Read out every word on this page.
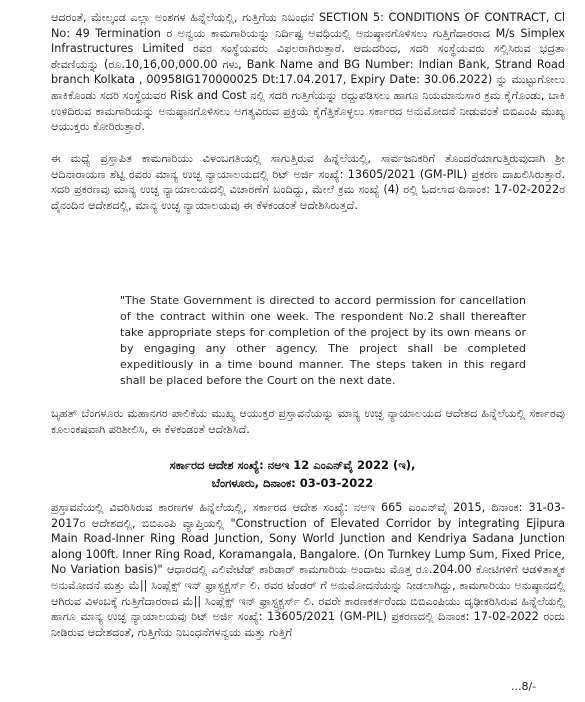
ಆದರಂತೆ, ಮೇಲ್ಕಂಡ ಎಲ್ಲಾ ಅಂಶಗಳ ಹಿನ್ನೆಲೆಯಲ್ಲಿ, ಗುತ್ತಿಗೆಯ ನಿಬಂಧನೆ SECTION 5: CONDITIONS OF CONTRACT, Cl No: 49 Termination ರ ಅನ್ವಯ ಕಾಮಗಾರಿಯನ್ನು ನಿರ್ದಿಷ್ಟ ಅವಧಿಯಲ್ಲಿ ಅನುಷ್ಠಾನಗೊಳಿಸಲು ಗುತ್ತಿಗೆದಾರರಾದ M/s Simplex Infrastructures Limited ರವರ ಸಂಸ್ಥೆಯವರು ವಿಫಲರಾಗಿರುತ್ತಾರೆ. ಆದುದರಿಂದ, ಸದರಿ ಸಂಸ್ಥೆಯವರು ಸಲ್ಲಿಸಿರುವ ಭದ್ರತಾ ಠೇವಣಿಯನ್ನು (ರೂ.10,16,00,000.00 ಗಳು, Bank Name and BG Number: Indian Bank, Strand Road branch Kolkata , 00958IG170000025 Dt:17.04.2017, Expiry Date: 30.06.2022) ನ್ನು ಮುಟ್ಟುಗೋಲು ಹಾಕಿಕೊಂಡು ಸದರಿ ಸಂಸ್ಥೆಯವರ Risk and Cost ನಲ್ಲಿ ಸದರಿ ಗುತ್ತಿಗೆಯನ್ನು ರದ್ದುಪಡಿಸಲು ಹಾಗೂ ನಿಯಮಾನುಸಾರ ಕ್ರಮ ಕೈಗೊಂಡು, ಬಾಕಿ ಉಳಿದಿರುವ ಕಾಮಗಾರಿಯನ್ನು ಅನುಷ್ಠಾನಗೊಳಿಸಲು ಅಗತ್ಯವಿರುವ ಪ್ರಕ್ರಿಯೆ ಕೈಗೆತ್ತಿಕೊಳ್ಳಲು ಸರ್ಕಾರದ ಅನುಮೋದನೆ ನೀಡುವಂತೆ ಬಿಬಿಎಂಪಿ ಮುಖ್ಯ ಆಯುಕ್ತರು ಕೋರಿರುತ್ತಾರೆ.

ಈ ಮಧ್ಯೆ ಪ್ರಸ್ತಾಪಿತ ಕಾಮಗಾರಿಯು ವಿಳಂಬಗತಿಯಲ್ಲಿ ಸಾಗುತ್ತಿರುವ ಹಿನ್ನೆಲೆಯಲ್ಲಿ, ಸಾರ್ವಜನಿಕರಿಗೆ ತೊಂದರೆಯಾಗುತ್ತಿರುವುದಾಗಿ ಶ್ರೀ ಆದಿನಾರಾಯಣ ಶೆಟ್ಟಿ ರವರು ಮಾನ್ಯ ಉಚ್ಛ ನ್ಯಾಯಾಲಯದಲ್ಲಿ ರಿಟ್ ಅರ್ಜಿ ಸಂಖ್ಯೆ: 13605/2021 (GM-PIL) ಪ್ರಕರಣ ದಾಖಲಿಸಿರುತ್ತಾರೆ. ಸದರಿ ಪ್ರಕರಣವು ಮಾನ್ಯ ಉಚ್ಛ ನ್ಯಾಯಾಲಯದಲ್ಲಿ ವಿಚಾರಣೆಗೆ ಬಂದಿದ್ದು, ಮೇಲೆ ಕ್ರಮ ಸಂಖ್ಯೆ (4) ರಲ್ಲಿ ಓದಲಾದ ದಿನಾಂಕ: 17-02-2022ರ ದೈನಂದಿನ ಆದೇಶದಲ್ಲಿ, ಮಾನ್ಯ ಉಚ್ಛ ನ್ಯಾಯಾಲಯವು ಈ ಕೆಳಕಂಡಂತೆ ಆದೇಶಿಸಿರುತ್ತದೆ.

"The State Government is directed to accord permission for cancellation of the contract within one week. The respondent No.2 shall thereafter take appropriate steps for completion of the project by its own means or by engaging any other agency. The project shall be completed expeditiously in a time bound manner. The steps taken in this regard shall be placed before the Court on the next date.

ಬೃಹತ್ ಬೆಂಗಳೂರು ಮಹಾನಗರ ಪಾಲಿಕೆಯ ಮುಖ್ಯ ಆಯುಕ್ತರ ಪ್ರಸ್ತಾವನೆಯನ್ನು ಮಾನ್ಯ ಉಚ್ಛ ನ್ಯಾಯಾಲಯದ ಆದೇಶದ ಹಿನ್ನೆಲೆಯಲ್ಲಿ ಸರ್ಕಾರವು ಕೂಲಂಕಷವಾಗಿ ಪರಿಶೀಲಿಸಿ, ಈ ಕೆಳಕಂಡಂತೆ ಆದೇಶಿಸಿದೆ.

ಸರ್ಕಾರದ ಆದೇಶ ಸಂಖ್ಯೆ: ನಅಇ 12 ಎಂಎನ್‌ವೈ 2022 (ಇ),

ಬೆಂಗಳೂರು, ದಿನಾಂಕ: 03-03-2022

ಪ್ರಸ್ತಾವನೆಯಲ್ಲಿ ವಿವರಿಸಿರುವ ಕಾರಣಗಳ ಹಿನ್ನೆಲೆಯಲ್ಲಿ, ಸರ್ಕಾರದ ಆದೇಶ ಸಂಖ್ಯೆ: ನಅಇ 665 ಎಂಎನ್‌ವೈ 2015, ದಿನಾಂಕ: 31-03-2017ರ ಆದೇಶದಲ್ಲಿ, ಬಿಬಿಎಂಪಿ ವ್ಯಾಪ್ತಿಯಲ್ಲಿ "Construction of Elevated Corridor by integrating Ejipura Main Road-Inner Ring Road Junction, Sony World Junction and Kendriya Sadana Junction along 100ft. Inner Ring Road, Koramangala, Bangalore. (On Turnkey Lump Sum, Fixed Price, No Variation basis)" ಆಧಾರದಲ್ಲಿ ಎಲಿವೇಟೆಡ್ ಕಾರಿಡಾರ್ ಕಾಮಗಾರಿಯ ಅಂದಾಜು ಮೊತ್ತ ರೂ.204.00 ಕೋಟಿಗಳಿಗೆ ಆಡಳಿತಾತ್ಮಕ ಅನುಮೋದನೆ ಮತ್ತು ಮೆ|| ಸಿಂಪ್ಲೆಕ್ಸ್ ಇನ್ ಫ್ರಾಸ್ಟ್ರಕ್ಚರ್ಸ್ ಲಿ. ರವರ ಟೆಂಡರ್ ಗೆ ಅನುಮೋದನೆಯನ್ನು ನೀಡಲಾಗಿದ್ದು, ಕಾಮಗಾರಿಯು ಅನುಷ್ಠಾನದಲ್ಲಿ ಆಗಿರುವ ವಿಳಂಬಕ್ಕೆ ಗುತ್ತಿಗೆದಾರರಾದ ಮೆ|| ಸಿಂಪ್ಲೆಕ್ಸ್ ಇನ್ ಫ್ರಾಸ್ಟ್ರಕ್ಚರ್ಸ್ ಲಿ. ರವರೇ ಕಾರಣಕರ್ತರೆಂದು ಬಿಬಿಎಂಪಿಯು ದೃಢೀಕರಿಸಿರುವ ಹಿನ್ನೆಲೆಯಲ್ಲಿ ಹಾಗೂ ಮಾನ್ಯ ಉಚ್ಛ ನ್ಯಾಯಾಲಯವು ರಿಟ್ ಅರ್ಜಿ ಸಂಖ್ಯೆ: 13605/2021 (GM-PIL) ಪ್ರಕರಣದಲ್ಲಿ ದಿನಾಂಕ: 17-02-2022 ರಂದು ನೀಡಿರುವ ಆದೇಶದಂತೆ, ಗುತ್ತಿಗೆಯ ನಿಬಂಧನೆಗಳನ್ವಯ ಮತ್ತು ಗುತ್ತಿಗೆ

...8/-
